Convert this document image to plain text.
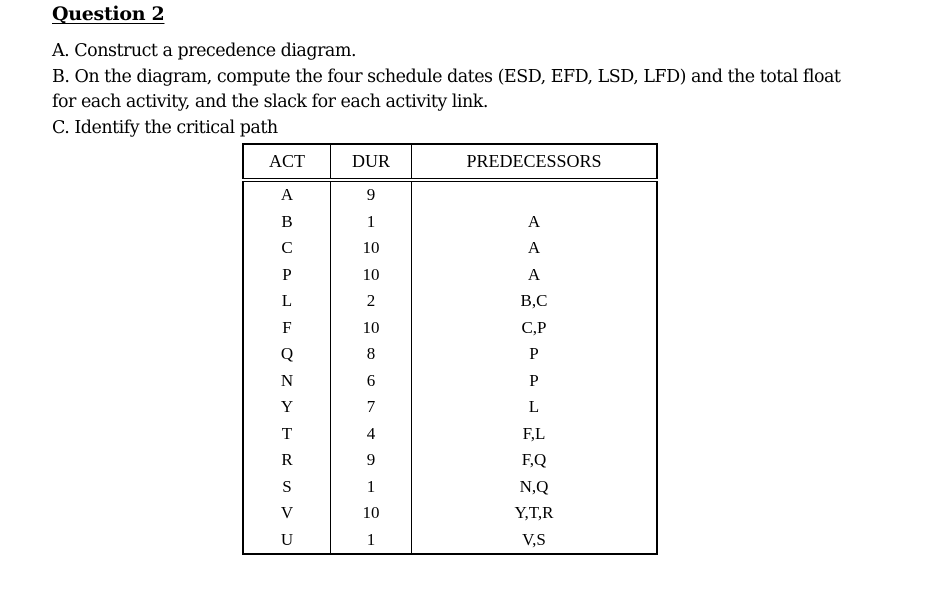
Question 2
A. Construct a precedence diagram.
B. On the diagram, compute the four schedule dates (ESD, EFD, LSD, LFD) and the total float
for each activity, and the slack for each activity link.
C. Identify the critical path
ACT	DUR	PREDECESSORS
A	9	
B	1	A
C	10	A
P	10	A
L	2	B,C
F	10	C,P
Q	8	P
N	6	P
Y	7	L
T	4	F,L
R	9	F,Q
S	1	N,Q
V	10	Y,T,R
U	1	V,S
